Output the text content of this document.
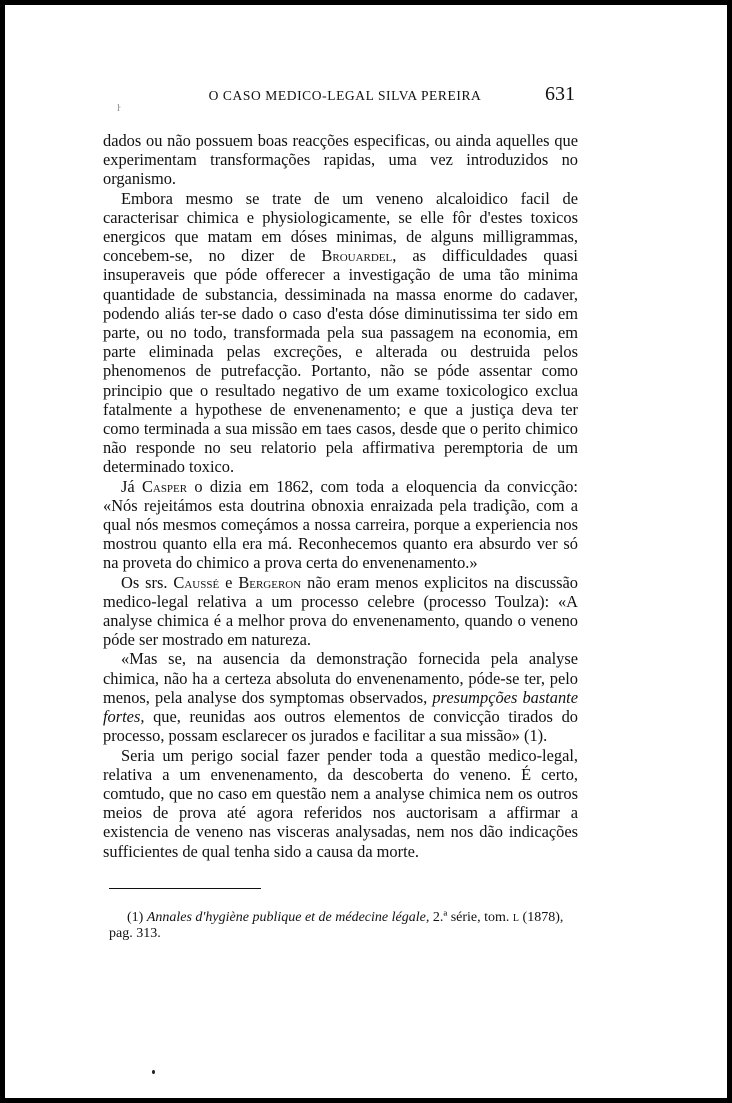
ŀ
O CASO MEDICO-LEGAL SILVA PEREIRA	631

dados ou não possuem boas reacções especificas, ou ainda aquelles que experimentam transformações rapidas, uma vez introduzidos no organismo.

Embora mesmo se trate de um veneno alcaloidico facil de caracterisar chimica e physiologicamente, se elle fôr d'estes toxicos energicos que matam em dóses minimas, de alguns milligrammas, concebem-se, no dizer de Brouardel, as difficuldades quasi insuperaveis que póde offerecer a investigação de uma tão minima quantidade de substancia, dessiminada na massa enorme do cadaver, podendo aliás ter-se dado o caso d'esta dóse diminutissima ter sido em parte, ou no todo, transformada pela sua passagem na economia, em parte eliminada pelas excreções, e alterada ou destruida pelos phenomenos de putrefacção. Portanto, não se póde assentar como principio que o resultado negativo de um exame toxicologico exclua fatalmente a hypothese de envenenamento; e que a justiça deva ter como terminada a sua missão em taes casos, desde que o perito chimico não responde no seu relatorio pela affirmativa peremptoria de um determinado toxico.

Já Casper o dizia em 1862, com toda a eloquencia da convicção: «Nós rejeitámos esta doutrina obnoxia enraizada pela tradição, com a qual nós mesmos começámos a nossa carreira, porque a experiencia nos mostrou quanto ella era má. Reconhecemos quanto era absurdo ver só na proveta do chimico a prova certa do envenenamento.»

Os srs. Caussé e Bergeron não eram menos explicitos na discussão medico-legal relativa a um processo celebre (processo Toulza): «A analyse chimica é a melhor prova do envenenamento, quando o veneno póde ser mostrado em natureza.

«Mas se, na ausencia da demonstração fornecida pela analyse chimica, não ha a certeza absoluta do envenenamento, póde-se ter, pelo menos, pela analyse dos symptomas observados, presumpções bastante fortes, que, reunidas aos outros elementos de convicção tirados do processo, possam esclarecer os jurados e facilitar a sua missão» (1).

Seria um perigo social fazer pender toda a questão medico-legal, relativa a um envenenamento, da descoberta do veneno. É certo, comtudo, que no caso em questão nem a analyse chimica nem os outros meios de prova até agora referidos nos auctorisam a affirmar a existencia de veneno nas visceras analysadas, nem nos dão indicações sufficientes de qual tenha sido a causa da morte.

(1) Annales d'hygiène publique et de médecine légale, 2.ª série, tom. l (1878), pag. 313.
